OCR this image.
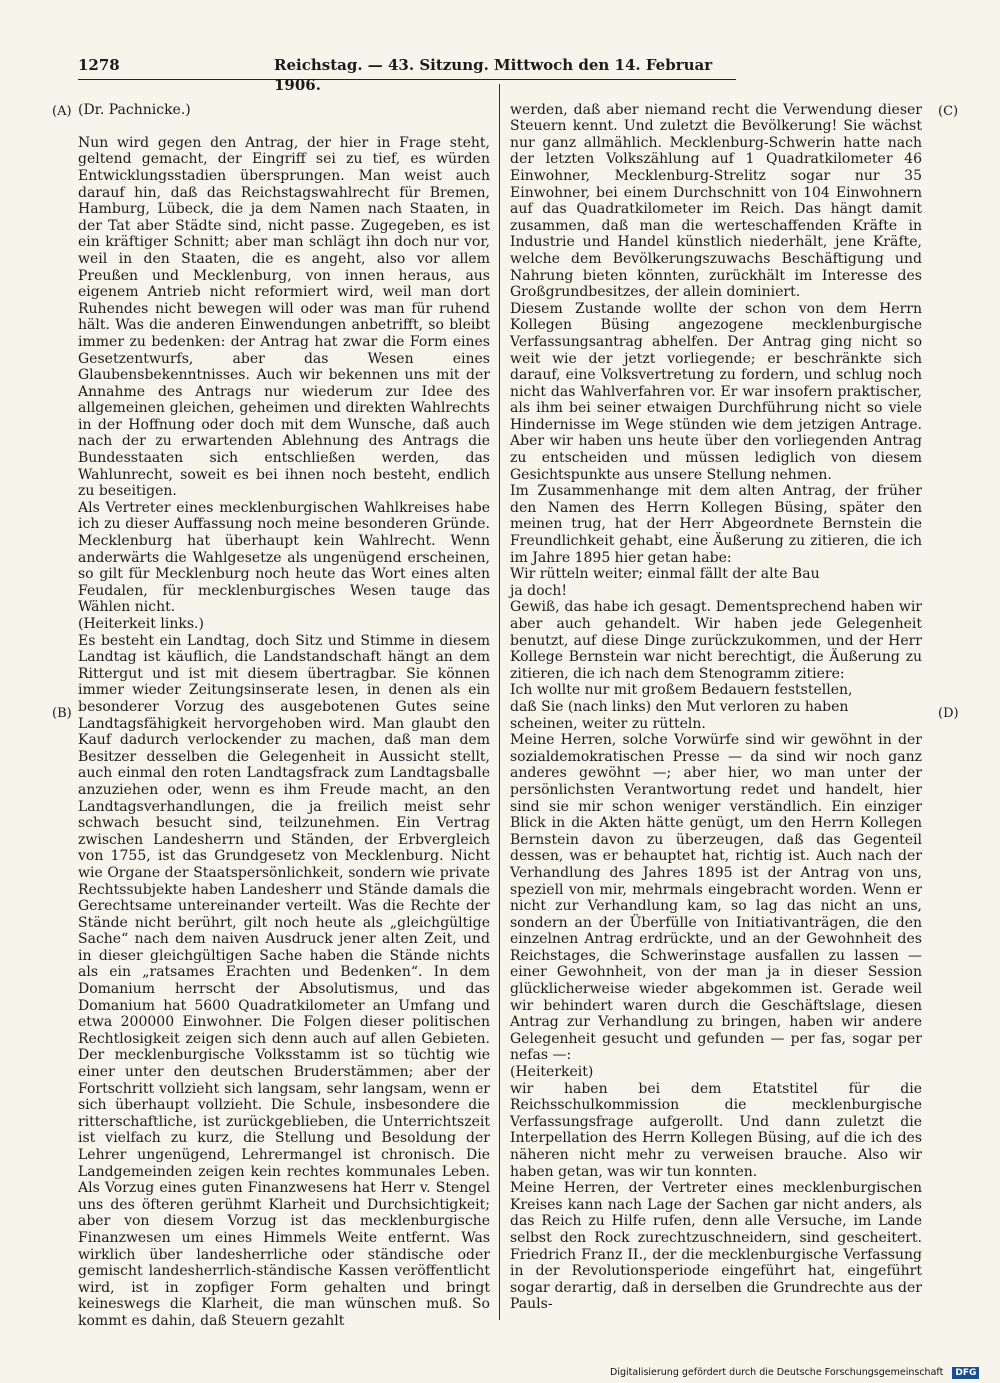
1278	Reichstag. — 43. Sitzung. Mittwoch den 14. Februar 1906.
(A)
(B)
(C)
(D)

(Dr. Pachnicke.)

Nun wird gegen den Antrag, der hier in Frage steht, geltend gemacht, der Eingriff sei zu tief, es würden Entwicklungsstadien übersprungen. Man weist auch darauf hin, daß das Reichstagswahlrecht für Bremen, Hamburg, Lübeck, die ja dem Namen nach Staaten, in der Tat aber Städte sind, nicht passe. Zugegeben, es ist ein kräftiger Schnitt; aber man schlägt ihn doch nur vor, weil in den Staaten, die es angeht, also vor allem Preußen und Mecklenburg, von innen heraus, aus eigenem Antrieb nicht reformiert wird, weil man dort Ruhendes nicht bewegen will oder was man für ruhend hält. Was die anderen Einwendungen anbetrifft, so bleibt immer zu bedenken: der Antrag hat zwar die Form eines Gesetzentwurfs, aber das Wesen eines Glaubensbekenntnisses. Auch wir bekennen uns mit der Annahme des Antrags nur wiederum zur Idee des allgemeinen gleichen, geheimen und direkten Wahlrechts in der Hoffnung oder doch mit dem Wunsche, daß auch nach der zu erwartenden Ablehnung des Antrags die Bundesstaaten sich entschließen werden, das Wahlunrecht, soweit es bei ihnen noch besteht, endlich zu beseitigen.
Als Vertreter eines mecklenburgischen Wahlkreises habe ich zu dieser Auffassung noch meine besonderen Gründe. Mecklenburg hat überhaupt kein Wahlrecht. Wenn anderwärts die Wahlgesetze als ungenügend erscheinen, so gilt für Mecklenburg noch heute das Wort eines alten Feudalen, für mecklenburgisches Wesen tauge das Wählen nicht.
(Heiterkeit links.)
Es besteht ein Landtag, doch Sitz und Stimme in diesem Landtag ist käuflich, die Landstandschaft hängt an dem Rittergut und ist mit diesem übertragbar. Sie können immer wieder Zeitungsinserate lesen, in denen als ein besonderer Vorzug des ausgebotenen Gutes seine Landtagsfähigkeit hervorgehoben wird. Man glaubt den Kauf dadurch verlockender zu machen, daß man dem Besitzer desselben die Gelegenheit in Aussicht stellt, auch einmal den roten Landtagsfrack zum Landtagsballe anzuziehen oder, wenn es ihm Freude macht, an den Landtagsverhandlungen, die ja freilich meist sehr schwach besucht sind, teilzunehmen. Ein Vertrag zwischen Landesherrn und Ständen, der Erbvergleich von 1755, ist das Grundgesetz von Mecklenburg. Nicht wie Organe der Staatspersönlichkeit, sondern wie private Rechtssubjekte haben Landesherr und Stände damals die Gerechtsame untereinander verteilt. Was die Rechte der Stände nicht berührt, gilt noch heute als „gleichgültige Sache“ nach dem naiven Ausdruck jener alten Zeit, und in dieser gleichgültigen Sache haben die Stände nichts als ein „ratsames Erachten und Bedenken“. In dem Domanium herrscht der Absolutismus, und das Domanium hat 5600 Quadratkilometer an Umfang und etwa 200000 Einwohner. Die Folgen dieser politischen Rechtlosigkeit zeigen sich denn auch auf allen Gebieten. Der mecklenburgische Volksstamm ist so tüchtig wie einer unter den deutschen Bruderstämmen; aber der Fortschritt vollzieht sich langsam, sehr langsam, wenn er sich überhaupt vollzieht. Die Schule, insbesondere die ritterschaftliche, ist zurückgeblieben, die Unterrichtszeit ist vielfach zu kurz, die Stellung und Besoldung der Lehrer ungenügend, Lehrermangel ist chronisch. Die Landgemeinden zeigen kein rechtes kommunales Leben. Als Vorzug eines guten Finanzwesens hat Herr v. Stengel uns des öfteren gerühmt Klarheit und Durchsichtigkeit; aber von diesem Vorzug ist das mecklenburgische Finanzwesen um eines Himmels Weite entfernt. Was wirklich über landesherrliche oder ständische oder gemischt landesherrlich-ständische Kassen veröffentlicht wird, ist in zopfiger Form gehalten und bringt keineswegs die Klarheit, die man wünschen muß. So kommt es dahin, daß Steuern gezahlt

werden, daß aber niemand recht die Verwendung dieser Steuern kennt. Und zuletzt die Bevölkerung! Sie wächst nur ganz allmählich. Mecklenburg-Schwerin hatte nach der letzten Volkszählung auf 1 Quadratkilometer 46 Einwohner, Mecklenburg-Strelitz sogar nur 35 Einwohner, bei einem Durchschnitt von 104 Einwohnern auf das Quadratkilometer im Reich. Das hängt damit zusammen, daß man die werteschaffenden Kräfte in Industrie und Handel künstlich niederhält, jene Kräfte, welche dem Bevölkerungszuwachs Beschäftigung und Nahrung bieten könnten, zurückhält im Interesse des Großgrundbesitzes, der allein dominiert.
Diesem Zustande wollte der schon von dem Herrn Kollegen Büsing angezogene mecklenburgische Verfassungsantrag abhelfen. Der Antrag ging nicht so weit wie der jetzt vorliegende; er beschränkte sich darauf, eine Volksvertretung zu fordern, und schlug noch nicht das Wahlverfahren vor. Er war insofern praktischer, als ihm bei seiner etwaigen Durchführung nicht so viele Hindernisse im Wege stünden wie dem jetzigen Antrage. Aber wir haben uns heute über den vorliegenden Antrag zu entscheiden und müssen lediglich von diesem Gesichtspunkte aus unsere Stellung nehmen.
Im Zusammenhange mit dem alten Antrag, der früher den Namen des Herrn Kollegen Büsing, später den meinen trug, hat der Herr Abgeordnete Bernstein die Freundlichkeit gehabt, eine Äußerung zu zitieren, die ich im Jahre 1895 hier getan habe:
Wir rütteln weiter; einmal fällt der alte Bau
ja doch!
Gewiß, das habe ich gesagt. Dementsprechend haben wir aber auch gehandelt. Wir haben jede Gelegenheit benutzt, auf diese Dinge zurückzukommen, und der Herr Kollege Bernstein war nicht berechtigt, die Äußerung zu zitieren, die ich nach dem Stenogramm zitiere:
Ich wollte nur mit großem Bedauern feststellen,
daß Sie (nach links) den Mut verloren zu haben
scheinen, weiter zu rütteln.
Meine Herren, solche Vorwürfe sind wir gewöhnt in der sozialdemokratischen Presse — da sind wir noch ganz anderes gewöhnt —; aber hier, wo man unter der persönlichsten Verantwortung redet und handelt, hier sind sie mir schon weniger verständlich. Ein einziger Blick in die Akten hätte genügt, um den Herrn Kollegen Bernstein davon zu überzeugen, daß das Gegenteil dessen, was er behauptet hat, richtig ist. Auch nach der Verhandlung des Jahres 1895 ist der Antrag von uns, speziell von mir, mehrmals eingebracht worden. Wenn er nicht zur Verhandlung kam, so lag das nicht an uns, sondern an der Überfülle von Initiativanträgen, die den einzelnen Antrag erdrückte, und an der Gewohnheit des Reichstages, die Schwerinstage ausfallen zu lassen — einer Gewohnheit, von der man ja in dieser Session glücklicherweise wieder abgekommen ist. Gerade weil wir behindert waren durch die Geschäftslage, diesen Antrag zur Verhandlung zu bringen, haben wir andere Gelegenheit gesucht und gefunden — per fas, sogar per nefas —:
(Heiterkeit)
wir haben bei dem Etatstitel für die Reichsschulkommission die mecklenburgische Verfassungsfrage aufgerollt. Und dann zuletzt die Interpellation des Herrn Kollegen Büsing, auf die ich des näheren nicht mehr zu verweisen brauche. Also wir haben getan, was wir tun konnten.
Meine Herren, der Vertreter eines mecklenburgischen Kreises kann nach Lage der Sachen gar nicht anders, als das Reich zu Hilfe rufen, denn alle Versuche, im Lande selbst den Rock zurechtzuschneidern, sind gescheitert. Friedrich Franz II., der die mecklenburgische Verfassung in der Revolutionsperiode eingeführt hat, eingeführt sogar derartig, daß in derselben die Grundrechte aus der Pauls-

Digitalisierung gefördert durch die Deutsche Forschungsgemeinschaft DFG
